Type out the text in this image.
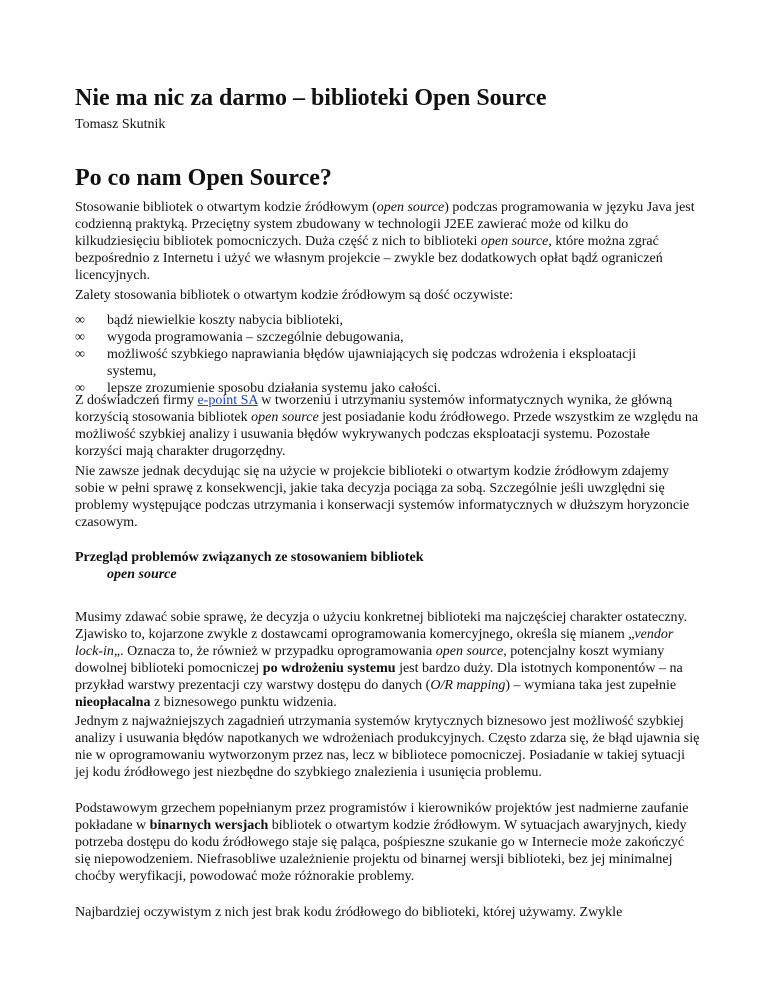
Nie ma nic za darmo – biblioteki Open Source
Tomasz Skutnik
Po co nam Open Source?

Stosowanie bibliotek o otwartym kodzie źródłowym (open source) podczas programowania w języku Java jest codzienną praktyką. Przeciętny system zbudowany w technologii J2EE zawierać może od kilku do kilkudziesięciu bibliotek pomocniczych. Duża część z nich to biblioteki open source, które można zgrać bezpośrednio z Internetu i użyć we własnym projekcie – zwykle bez dodatkowych opłat bądź ograniczeń licencyjnych.

Zalety stosowania bibliotek o otwartym kodzie źródłowym są dość oczywiste:

∞	bądź niewielkie koszty nabycia biblioteki,
∞	wygoda programowania – szczególnie debugowania,
∞	możliwość szybkiego naprawiania błędów ujawniających się podczas wdrożenia i eksploatacji systemu,
∞	lepsze zrozumienie sposobu działania systemu jako całości.

Z doświadczeń firmy e-point SA w tworzeniu i utrzymaniu systemów informatycznych wynika, że główną korzyścią stosowania bibliotek open source jest posiadanie kodu źródłowego. Przede wszystkim ze względu na możliwość szybkiej analizy i usuwania błędów wykrywanych podczas eksploatacji systemu. Pozostałe korzyści mają charakter drugorzędny.

Nie zawsze jednak decydując się na użycie w projekcie biblioteki o otwartym kodzie źródłowym zdajemy sobie w pełni sprawę z konsekwencji, jakie taka decyzja pociąga za sobą. Szczególnie jeśli uwzględni się problemy występujące podczas utrzymania i konserwacji systemów informatycznych w dłuższym horyzoncie czasowym.

Przegląd problemów związanych ze stosowaniem bibliotek
open source

Musimy zdawać sobie sprawę, że decyzja o użyciu konkretnej biblioteki ma najczęściej charakter ostateczny. Zjawisko to, kojarzone zwykle z dostawcami oprogramowania komercyjnego, określa się mianem „vendor lock-in„. Oznacza to, że również w przypadku oprogramowania open source, potencjalny koszt wymiany dowolnej biblioteki pomocniczej po wdrożeniu systemu jest bardzo duży. Dla istotnych komponentów – na przykład warstwy prezentacji czy warstwy dostępu do danych (O/R mapping) – wymiana taka jest zupełnie nieopłacalna z biznesowego punktu widzenia.

Jednym z najważniejszych zagadnień utrzymania systemów krytycznych biznesowo jest możliwość szybkiej analizy i usuwania błędów napotkanych we wdrożeniach produkcyjnych. Często zdarza się, że błąd ujawnia się nie w oprogramowaniu wytworzonym przez nas, lecz w bibliotece pomocniczej. Posiadanie w takiej sytuacji jej kodu źródłowego jest niezbędne do szybkiego znalezienia i usunięcia problemu.

Podstawowym grzechem popełnianym przez programistów i kierowników projektów jest nadmierne zaufanie pokładane w binarnych wersjach bibliotek o otwartym kodzie źródłowym. W sytuacjach awaryjnych, kiedy potrzeba dostępu do kodu źródłowego staje się paląca, pośpieszne szukanie go w Internecie może zakończyć się niepowodzeniem. Niefrasobliwe uzależnienie projektu od binarnej wersji biblioteki, bez jej minimalnej choćby weryfikacji, powodować może różnorakie problemy.

Najbardziej oczywistym z nich jest brak kodu źródłowego do biblioteki, której używamy. Zwykle
